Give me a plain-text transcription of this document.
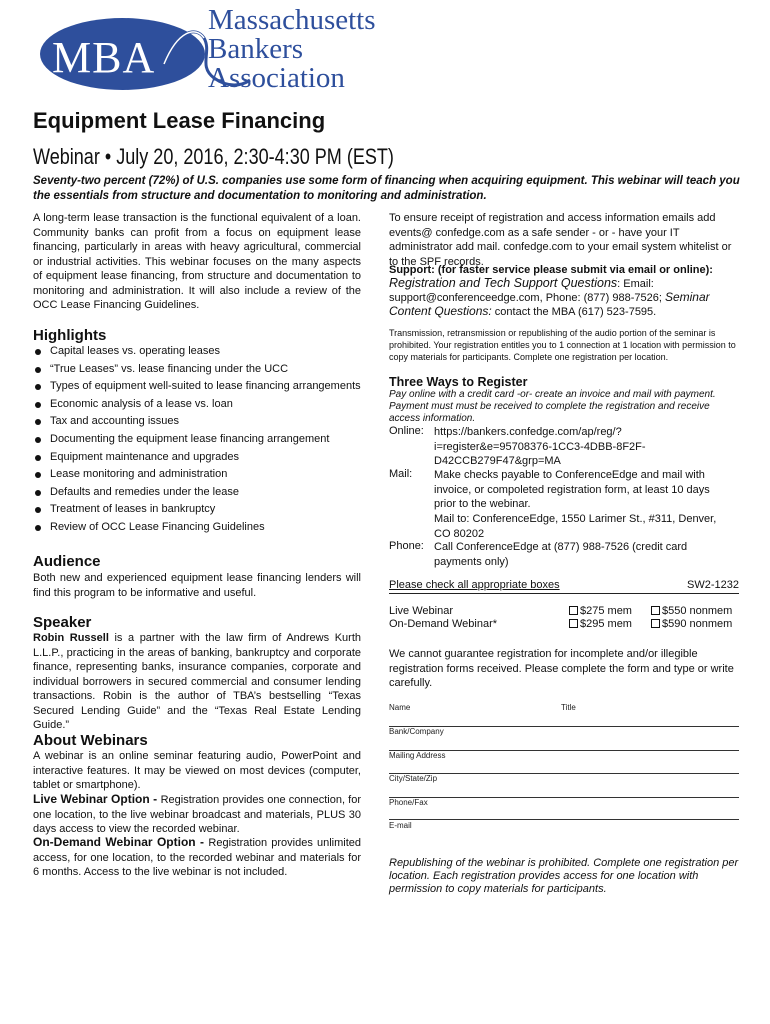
MBA
Massachusetts
Bankers
Association
Equipment Lease Financing
Webinar • July 20, 2016, 2:30-4:30 PM (EST)
Seventy-two percent (72%) of U.S. companies use some form of financing when acquiring equipment. This webinar will teach you the essentials from structure and documentation to monitoring and administration.
A long-term lease transaction is the functional equivalent of a loan. Community banks can profit from a focus on equipment lease financing, particularly in areas with heavy agricultural, commercial or industrial activities. This webinar focuses on the many aspects of equipment lease financing, from structure and documentation to monitoring and administration. It will also include a review of the OCC Lease Financing Guidelines.
Highlights
Capital leases vs. operating leases
“True Leases” vs. lease financing under the UCC
Types of equipment well-suited to lease financing arrangements
Economic analysis of a lease vs. loan
Tax and accounting issues
Documenting the equipment lease financing arrangement
Equipment maintenance and upgrades
Lease monitoring and administration
Defaults and remedies under the lease
Treatment of leases in bankruptcy
Review of OCC Lease Financing Guidelines
Audience
Both new and experienced equipment lease financing lenders will find this program to be informative and useful.
Speaker
Robin Russell is a partner with the law firm of Andrews Kurth L.L.P., practicing in the areas of banking, bankruptcy and corporate finance, representing banks, insurance companies, corporate and individual borrowers in secured commercial and consumer lending transactions. Robin is the author of TBA’s bestselling “Texas Secured Lending Guide” and the “Texas Real Estate Lending Guide.”
About Webinars
A webinar is an online seminar featuring audio, PowerPoint and interactive features. It may be viewed on most devices (computer, tablet or smartphone).
Live Webinar Option - Registration provides one connection, for one location, to the live webinar broadcast and materials, PLUS 30 days access to view the recorded webinar.
On-Demand Webinar Option - Registration provides unlimited access, for one location, to the recorded webinar and materials for 6 months. Access to the live webinar is not included.
To ensure receipt of registration and access information emails add events@ confedge.com as a safe sender - or - have your IT administrator add mail. confedge.com to your email system whitelist or to the SPF records.
Support: (for faster service please submit via email or online):
Registration and Tech Support Questions: Email: support@conferenceedge.com, Phone: (877) 988-7526; Seminar Content Questions: contact the MBA (617) 523-7595.
Transmission, retransmission or republishing of the audio portion of the seminar is prohibited. Your registration entitles you to 1 connection at 1 location with permission to copy materials for participants. Complete one registration per location.
Three Ways to Register
Pay online with a credit card -or- create an invoice and mail with payment. Payment must must be received to complete the registration and receive access information.
Online: https://bankers.confedge.com/ap/reg/?i=register&e=95708376-1CC3-4DBB-8F2F-D42CCB279F47&grp=MA
Mail: Make checks payable to ConferenceEdge and mail with invoice, or compoleted registration form, at least 10 days prior to the webinar.
Mail to: ConferenceEdge, 1550 Larimer St., #311, Denver, CO 80202
Phone: Call ConferenceEdge at (877) 988-7526 (credit card payments only)
Please check all appropriate boxes	SW2-1232
Live Webinar
On-Demand Webinar*
$275 mem
$295 mem
$550 nonmem
$590 nonmem
We cannot guarantee registration for incomplete and/or illegible registration forms received. Please complete the form and type or write carefully.
Name	Title
Bank/Company
Mailing Address
City/State/Zip
Phone/Fax
E-mail
Republishing of the webinar is prohibited. Complete one registration per location. Each registration provides access for one location with permission to copy materials for participants.
